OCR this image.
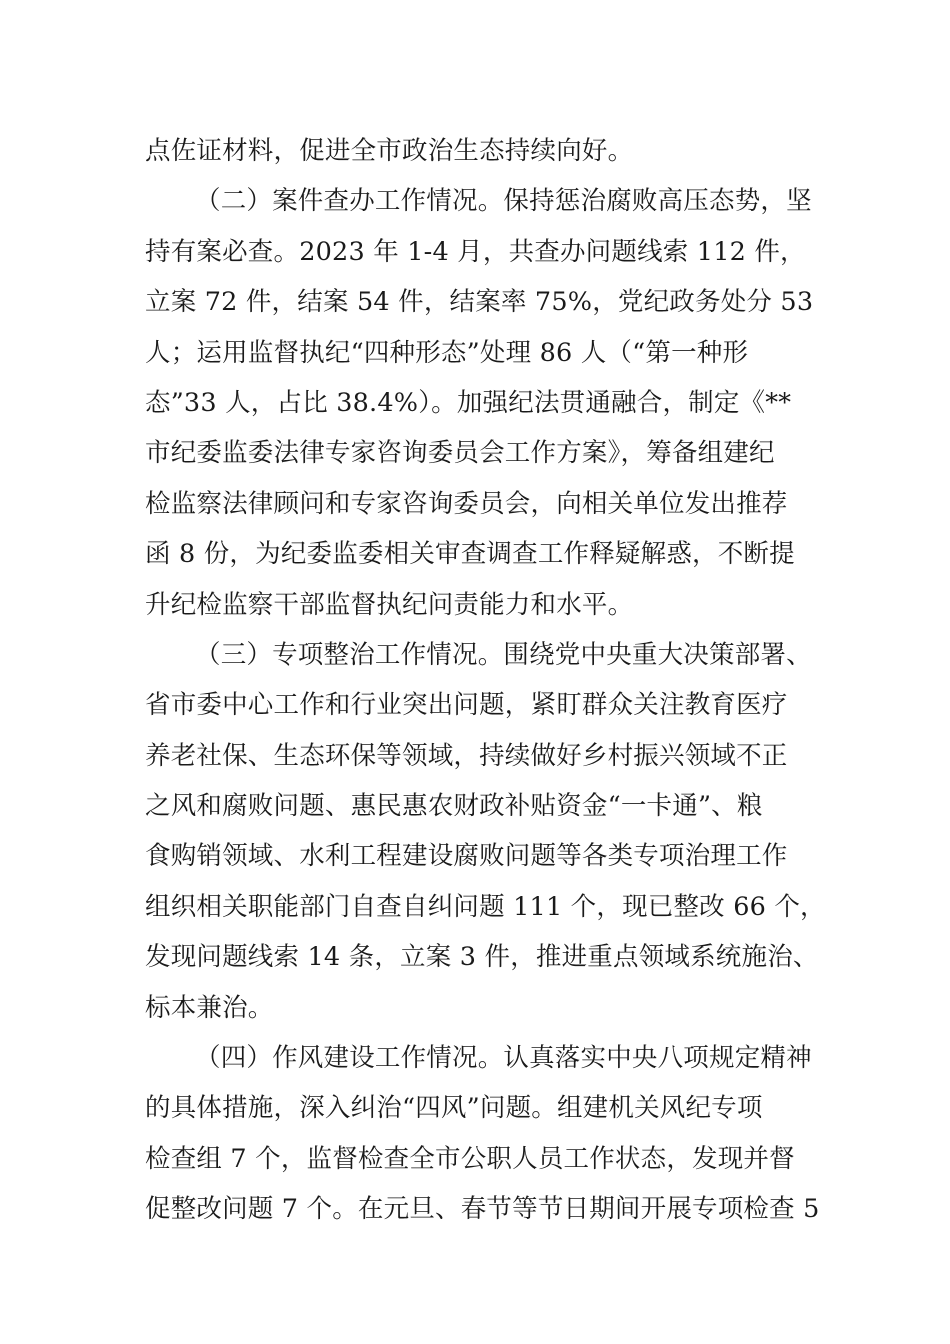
点佐证材料，促进全市政治生态持续向好。
（二）案件查办工作情况。保持惩治腐败高压态势，坚
持有案必查。2023 年 1-4 月，共查办问题线索 112 件，
立案 72 件，结案 54 件，结案率 75%，党纪政务处分 53
人；运用监督执纪“四种形态”处理 86 人（“第一种形
态”33 人，占比 38.4%）。加强纪法贯通融合，制定《**
市纪委监委法律专家咨询委员会工作方案》，筹备组建纪
检监察法律顾问和专家咨询委员会，向相关单位发出推荐
函 8 份，为纪委监委相关审查调查工作释疑解惑，不断提
升纪检监察干部监督执纪问责能力和水平。
（三）专项整治工作情况。围绕党中央重大决策部署、
省市委中心工作和行业突出问题，紧盯群众关注教育医疗
养老社保、生态环保等领域，持续做好乡村振兴领域不正
之风和腐败问题、惠民惠农财政补贴资金“一卡通”、粮
食购销领域、水利工程建设腐败问题等各类专项治理工作
组织相关职能部门自查自纠问题 111 个，现已整改 66 个，
发现问题线索 14 条，立案 3 件，推进重点领域系统施治、
标本兼治。
（四）作风建设工作情况。认真落实中央八项规定精神
的具体措施，深入纠治“四风”问题。组建机关风纪专项
检查组 7 个，监督检查全市公职人员工作状态，发现并督
促整改问题 7 个。在元旦、春节等节日期间开展专项检查 5
